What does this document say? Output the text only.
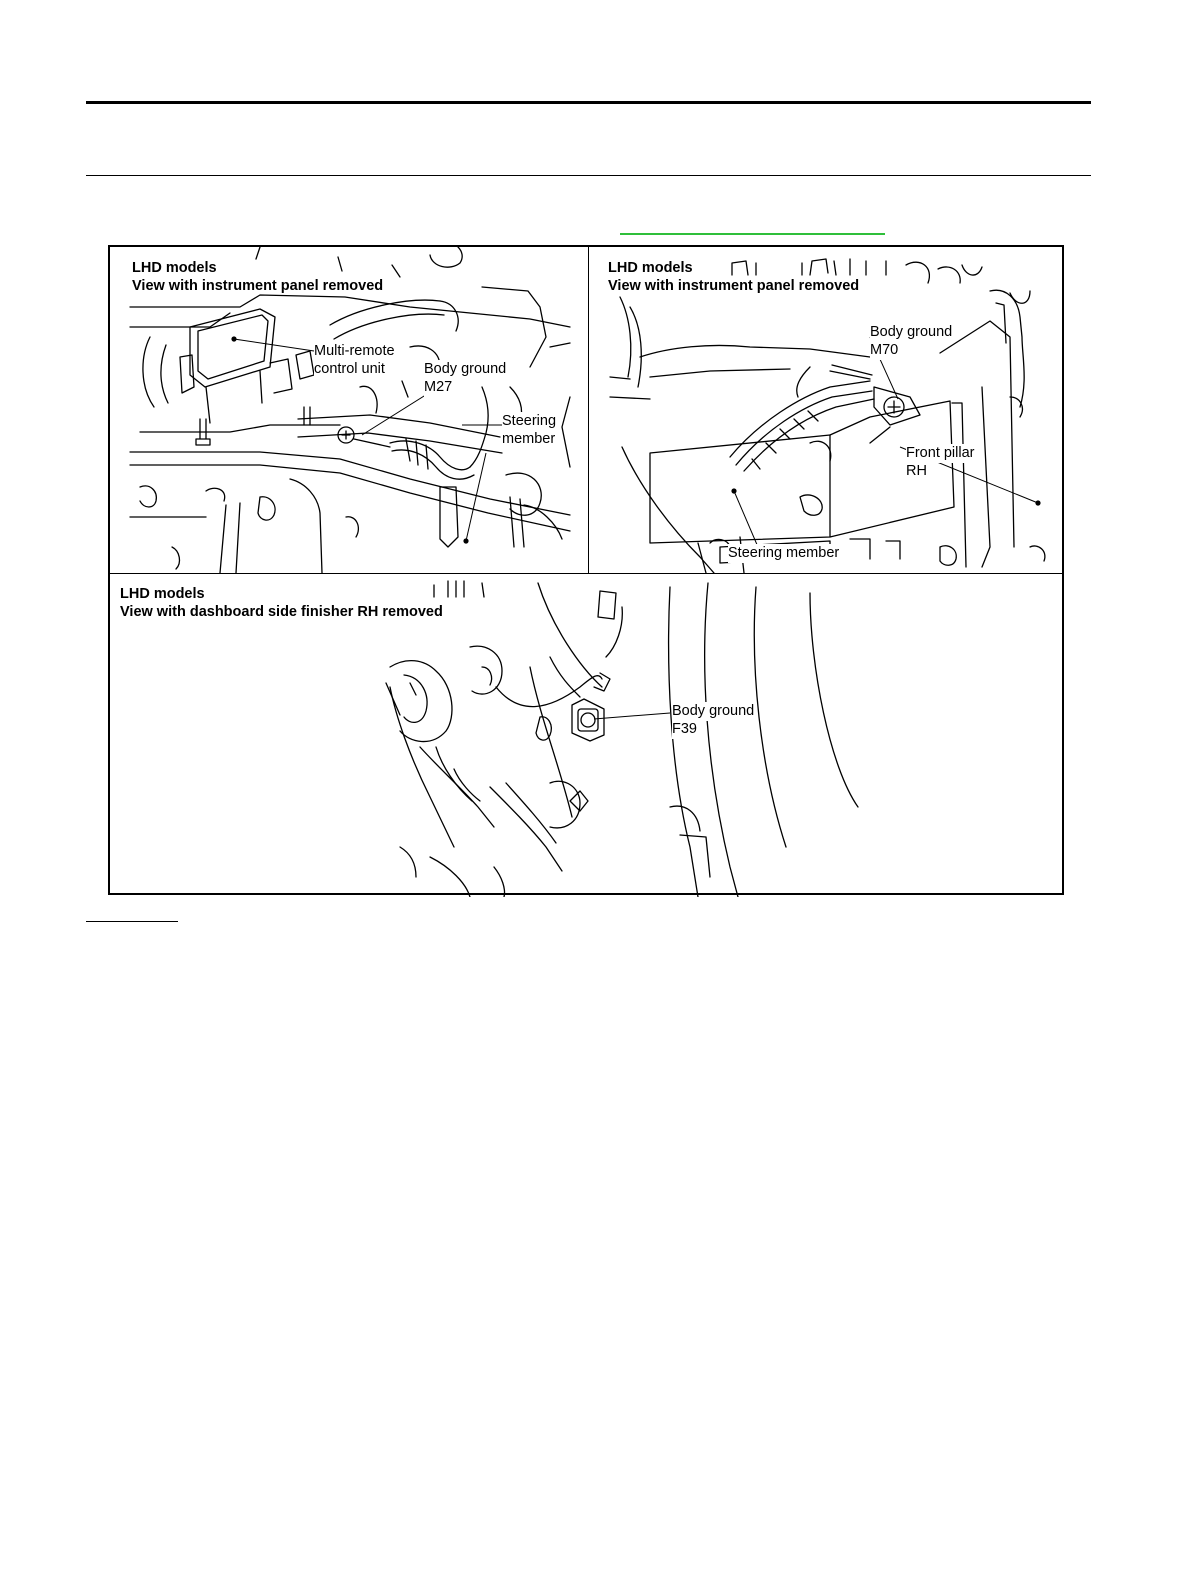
LHD models
View with instrument panel removed
Multi-remote
control unit	Body ground
M27
Steering
member
LHD models
View with instrument panel removed
Body ground
M70
Front pillar
RH
Steering member
LHD models
View with dashboard side finisher RH removed
Body ground
F39
